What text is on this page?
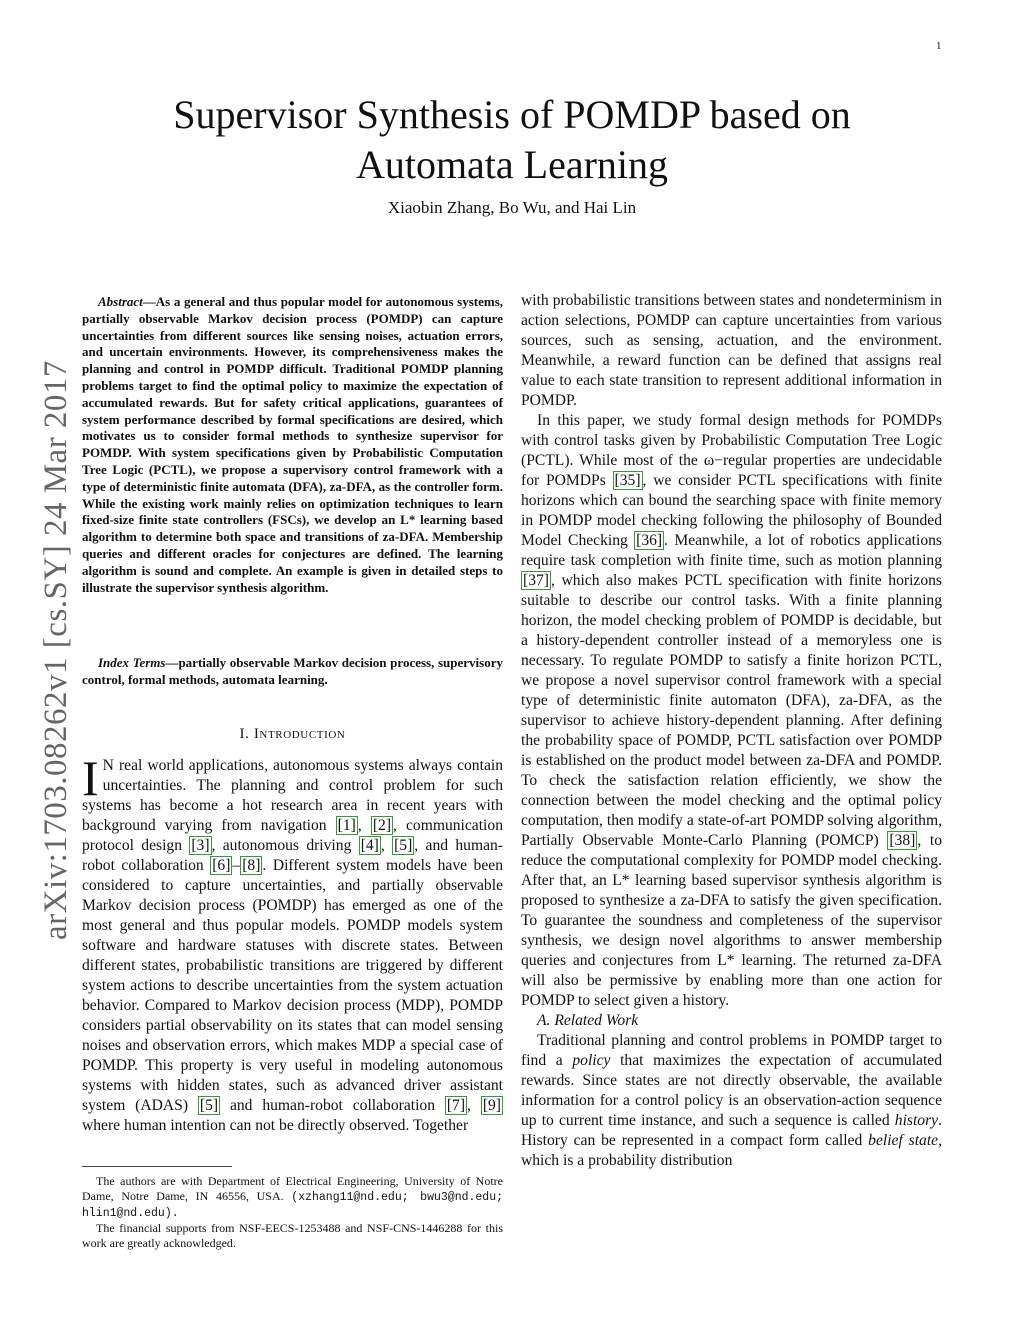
1
arXiv:1703.08262v1 [cs.SY] 24 Mar 2017
Supervisor Synthesis of POMDP based on
Automata Learning
Xiaobin Zhang, Bo Wu, and Hai Lin

Abstract—As a general and thus popular model for autonomous systems, partially observable Markov decision process (POMDP) can capture uncertainties from different sources like sensing noises, actuation errors, and uncertain environments. However, its comprehensiveness makes the planning and control in POMDP difficult. Traditional POMDP planning problems target to find the optimal policy to maximize the expectation of accumulated rewards. But for safety critical applications, guarantees of system performance described by formal specifications are desired, which motivates us to consider formal methods to synthesize supervisor for POMDP. With system specifications given by Probabilistic Computation Tree Logic (PCTL), we propose a supervisory control framework with a type of deterministic finite automata (DFA), za-DFA, as the controller form. While the existing work mainly relies on optimization techniques to learn fixed-size finite state controllers (FSCs), we develop an L* learning based algorithm to determine both space and transitions of za-DFA. Membership queries and different oracles for conjectures are defined. The learning algorithm is sound and complete. An example is given in detailed steps to illustrate the supervisor synthesis algorithm.

Index Terms—partially observable Markov decision process, supervisory control, formal methods, automata learning.

I. Introduction

I N real world applications, autonomous systems always contain uncertainties. The planning and control problem for such systems has become a hot research area in recent years with background varying from navigation [1] , [2] , communication protocol design [3] , autonomous driving [4] , [5] , and human-robot collaboration [6] – [8] . Different system models have been considered to capture uncertainties, and partially observable Markov decision process (POMDP) has emerged as one of the most general and thus popular models. POMDP models system software and hardware statuses with discrete states. Between different states, probabilistic transitions are triggered by different system actions to describe uncertainties from the system actuation behavior. Compared to Markov decision process (MDP), POMDP considers partial observability on its states that can model sensing noises and observation errors, which makes MDP a special case of POMDP. This property is very useful in modeling autonomous systems with hidden states, such as advanced driver assistant system (ADAS) [5] and human-robot collaboration [7] , [9] where human intention can not be directly observed. Together

The authors are with Department of Electrical Engineering, University of Notre Dame, Notre Dame, IN 46556, USA. (xzhang11@nd.edu; bwu3@nd.edu; hlin1@nd.edu).

The financial supports from NSF-EECS-1253488 and NSF-CNS-1446288 for this work are greatly acknowledged.

with probabilistic transitions between states and nondeterminism in action selections, POMDP can capture uncertainties from various sources, such as sensing, actuation, and the environment. Meanwhile, a reward function can be defined that assigns real value to each state transition to represent additional information in POMDP.

In this paper, we study formal design methods for POMDPs with control tasks given by Probabilistic Computation Tree Logic (PCTL). While most of the ω−regular properties are undecidable for POMDPs [35] , we consider PCTL specifications with finite horizons which can bound the searching space with finite memory in POMDP model checking following the philosophy of Bounded Model Checking [36] . Meanwhile, a lot of robotics applications require task completion with finite time, such as motion planning [37] , which also makes PCTL specification with finite horizons suitable to describe our control tasks. With a finite planning horizon, the model checking problem of POMDP is decidable, but a history-dependent controller instead of a memoryless one is necessary. To regulate POMDP to satisfy a finite horizon PCTL, we propose a novel supervisor control framework with a special type of deterministic finite automaton (DFA), za-DFA, as the supervisor to achieve history-dependent planning. After defining the probability space of POMDP, PCTL satisfaction over POMDP is established on the product model between za-DFA and POMDP. To check the satisfaction relation efficiently, we show the connection between the model checking and the optimal policy computation, then modify a state-of-art POMDP solving algorithm, Partially Observable Monte-Carlo Planning (POMCP) [38] , to reduce the computational complexity for POMDP model checking. After that, an L* learning based supervisor synthesis algorithm is proposed to synthesize a za-DFA to satisfy the given specification. To guarantee the soundness and completeness of the supervisor synthesis, we design novel algorithms to answer membership queries and conjectures from L* learning. The returned za-DFA will also be permissive by enabling more than one action for POMDP to select given a history.

A. Related Work

Traditional planning and control problems in POMDP target to find a policy that maximizes the expectation of accumulated rewards. Since states are not directly observable, the available information for a control policy is an observation-action sequence up to current time instance, and such a sequence is called history. History can be represented in a compact form called belief state, which is a probability distribution
